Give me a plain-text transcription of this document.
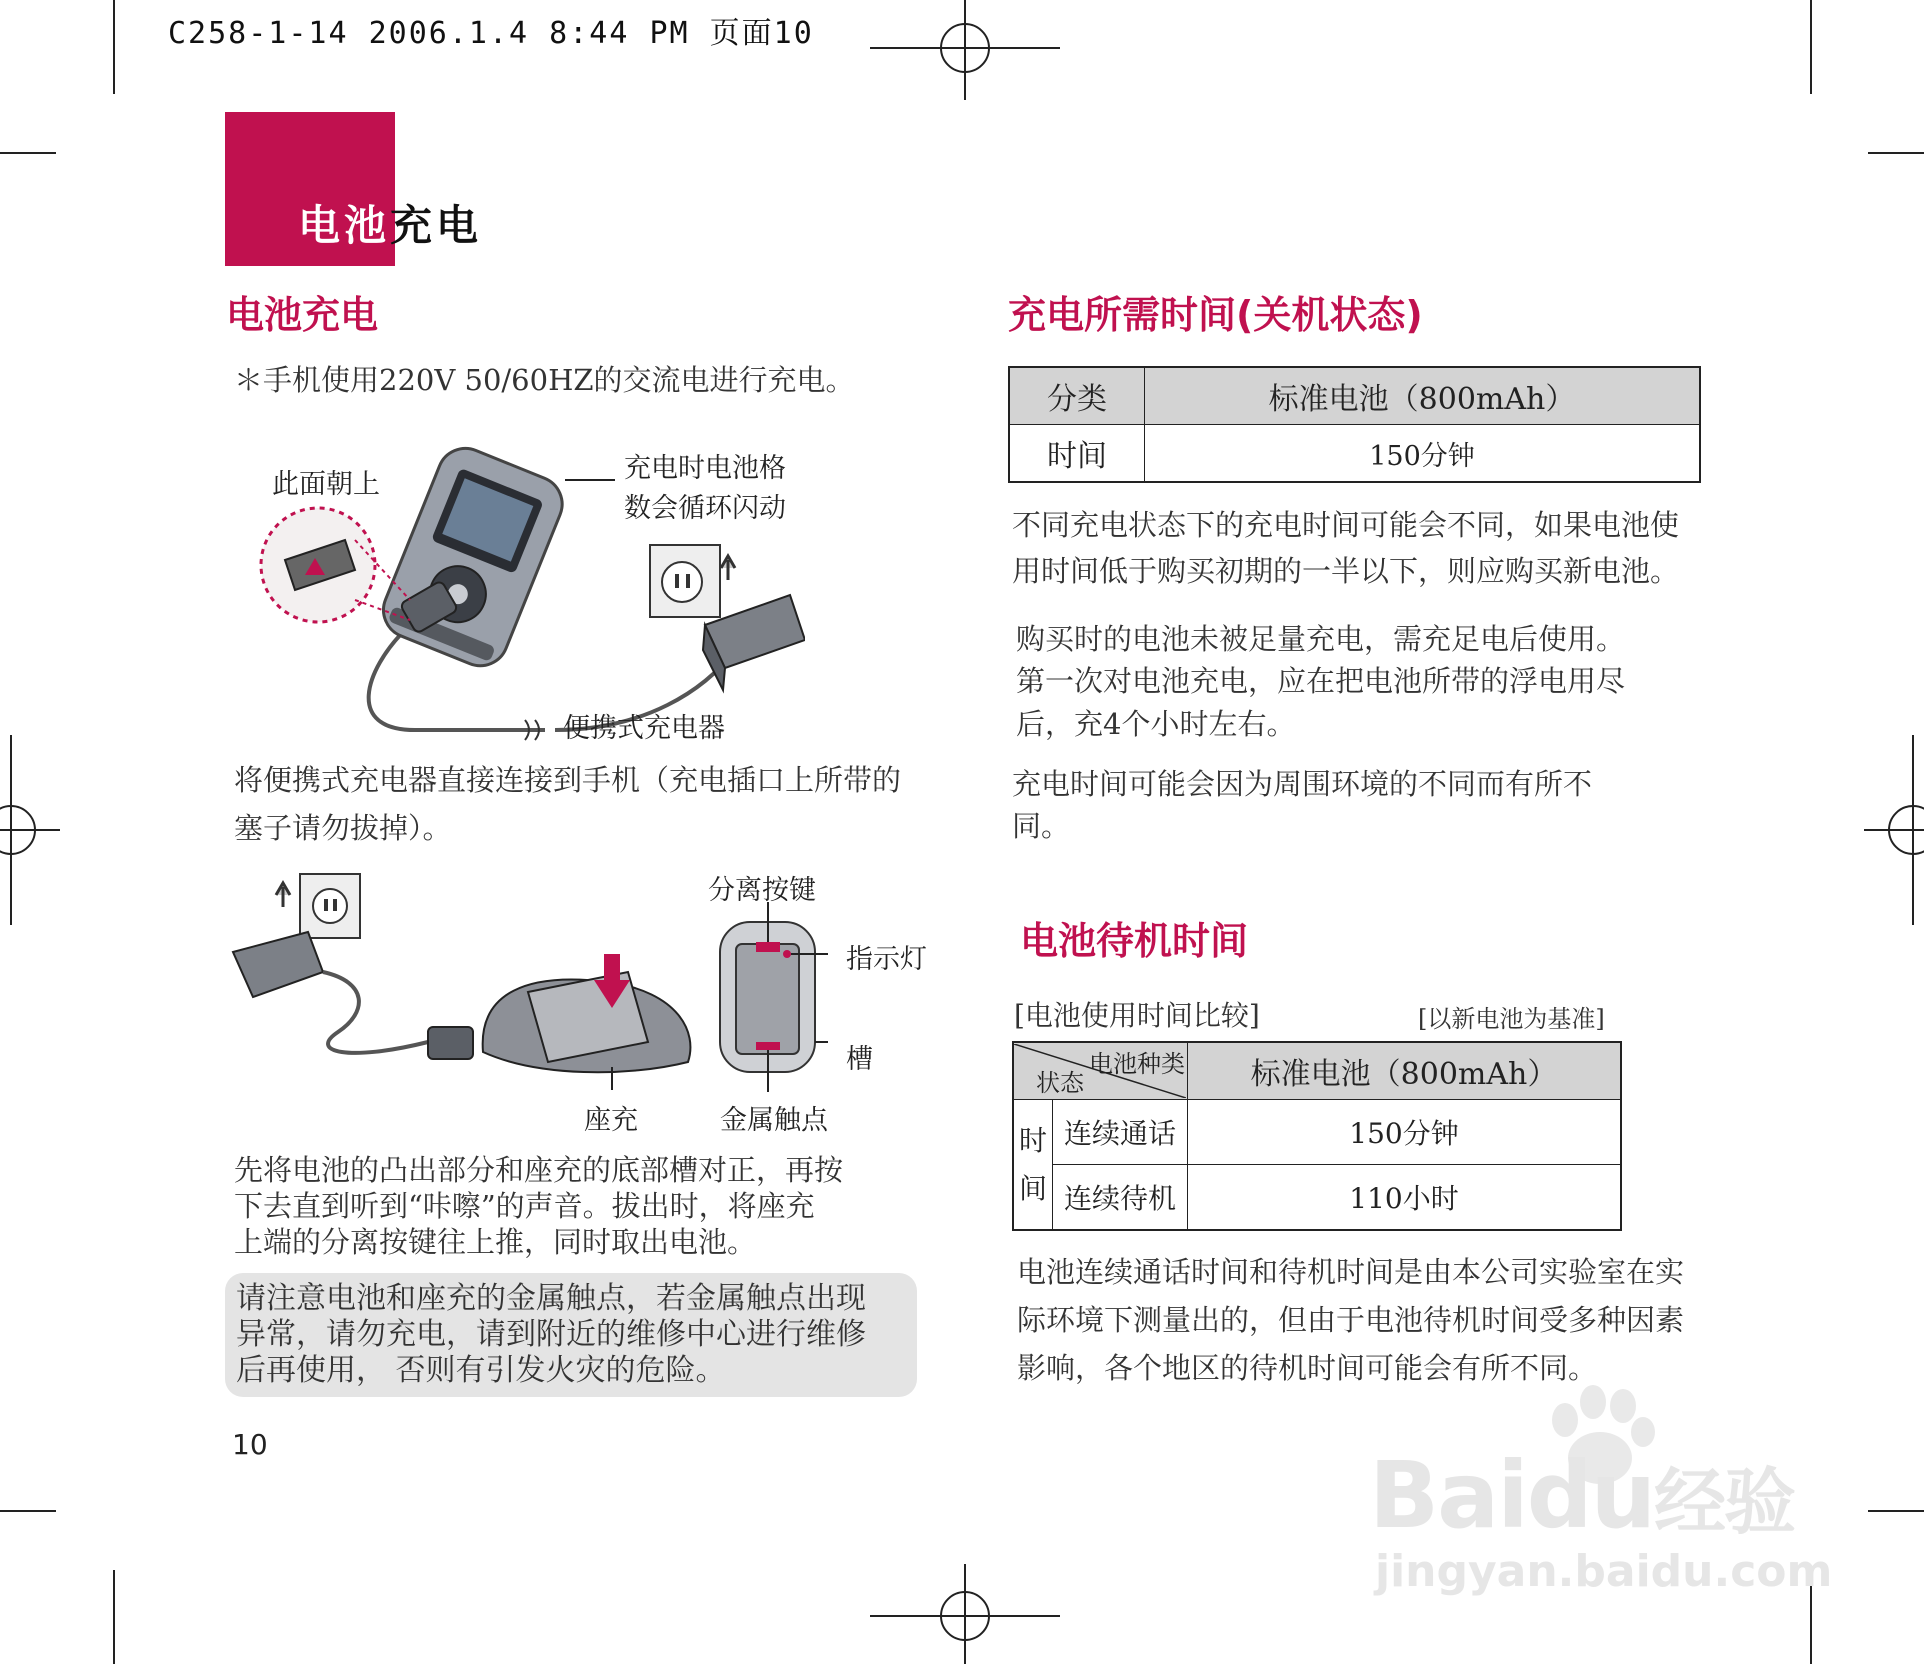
C258-1-14 2006.1.4 8:44 PM 页面10
电池充电
电池充电
＊手机使用220V 50/60HZ的交流电进行充电。
此面朝上
充电时电池格
数会循环闪动
便携式充电器
将便携式充电器直接连接到手机（充电插口上所带的
塞子请勿拔掉）。
分离按键
指示灯
槽
座充	金属触点
先将电池的凸出部分和座充的底部槽对正，再按
下去直到听到“咔嚓”的声音。拔出时，将座充
上端的分离按键往上推，同时取出电池。
请注意电池和座充的金属触点，若金属触点出现
异常，请勿充电，请到附近的维修中心进行维修
后再使用， 否则有引发火灾的危险。
10
充电所需时间(关机状态)
分类	标准电池（800mAh）
时间	150分钟
不同充电状态下的充电时间可能会不同，如果电池使
用时间低于购买初期的一半以下，则应购买新电池。
购买时的电池未被足量充电，需充足电后使用。
第一次对电池充电，应在把电池所带的浮电用尽
后，充4个小时左右。
充电时间可能会因为周围环境的不同而有所不
同。
电池待机时间
[电池使用时间比较]	[以新电池为基准]
电池种类
状态		标准电池（800mAh）

时
间	连续通话	150分钟
	连续待机	110小时
电池连续通话时间和待机时间是由本公司实验室在实
际环境下测量出的，但由于电池待机时间受多种因素
影响，各个地区的待机时间可能会有所不同。
Baidu经验
jingyan.baidu.com
